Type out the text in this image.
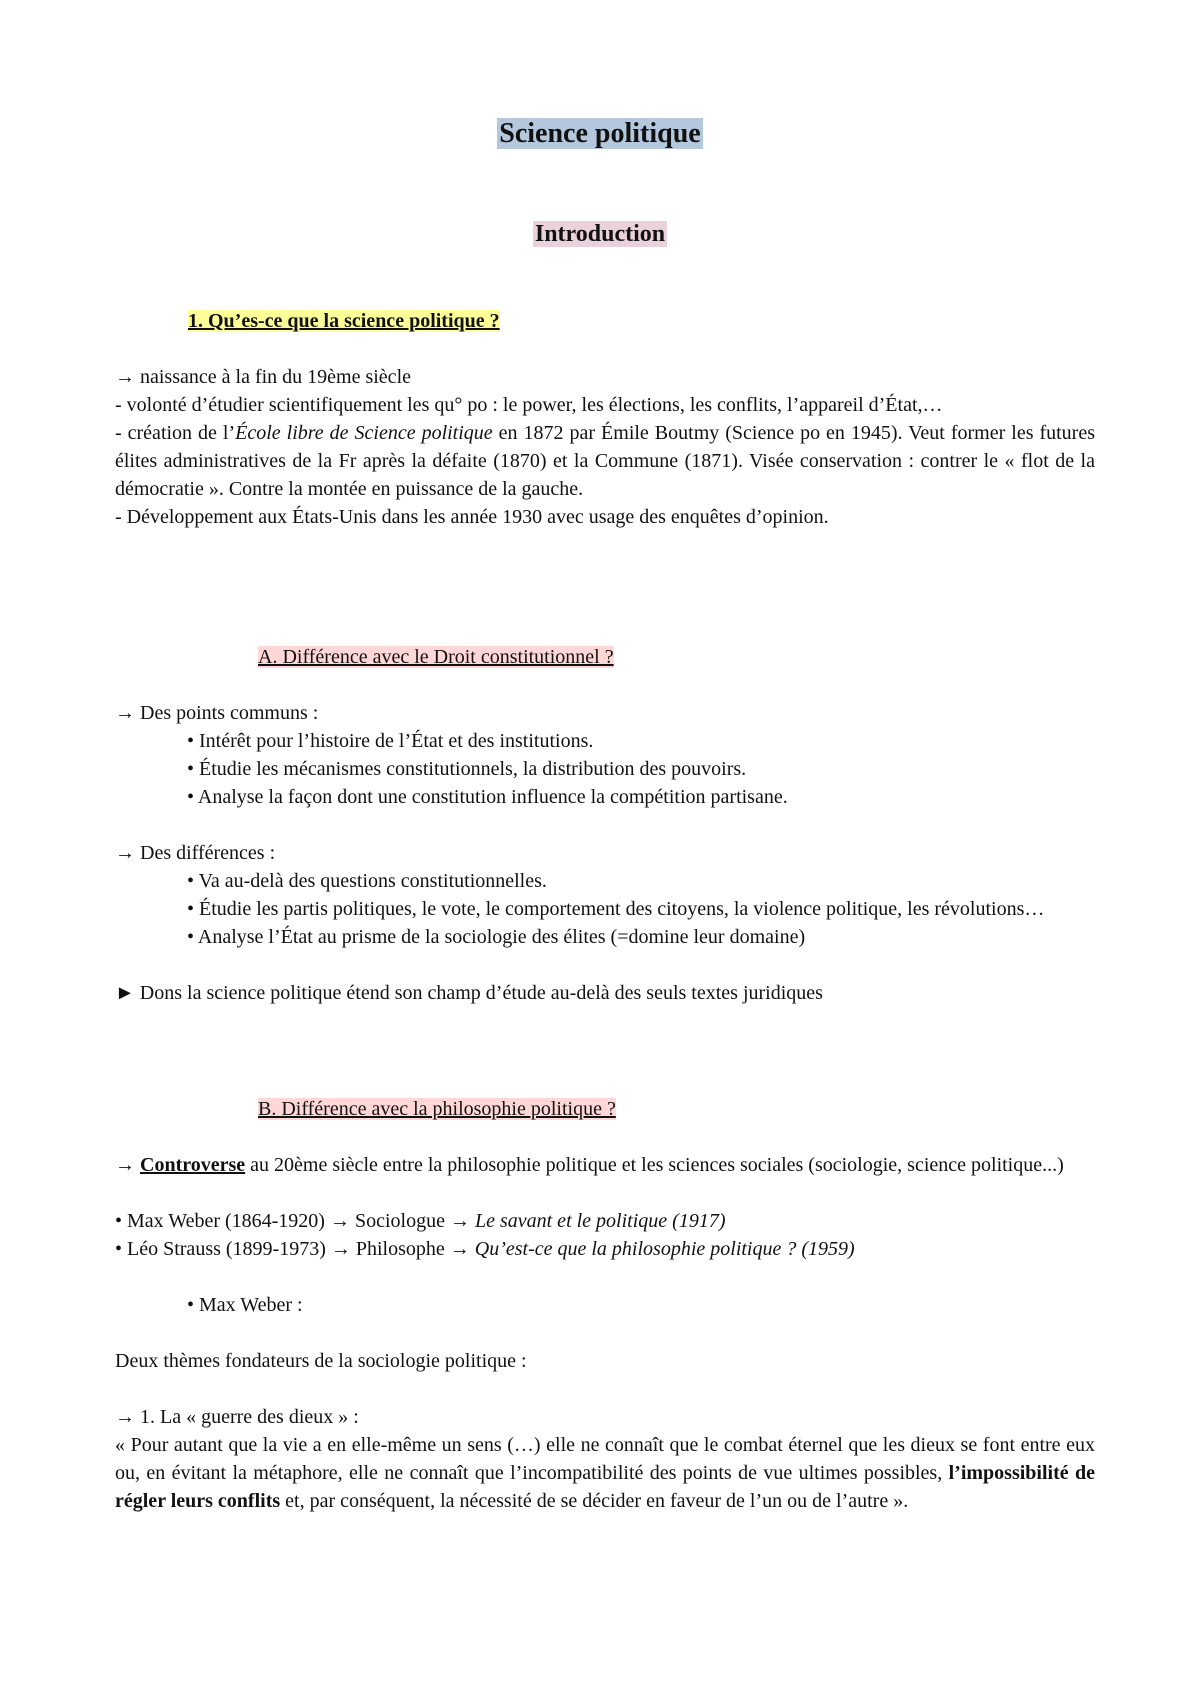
Science politique
Introduction
1. Qu’es-ce que la science politique ?

→ naissance à la fin du 19ème siècle

- volonté d’étudier scientifiquement les qu° po : le power, les élections, les conflits, l’appareil d’État,…

- création de l’École libre de Science politique en 1872 par Émile Boutmy (Science po en 1945). Veut former les futures élites administratives de la Fr après la défaite (1870) et la Commune (1871). Visée conservation : contrer le « flot de la démocratie ». Contre la montée en puissance de la gauche.

- Développement aux États-Unis dans les année 1930 avec usage des enquêtes d’opinion.

A. Différence avec le Droit constitutionnel ?

→ Des points communs :

• Intérêt pour l’histoire de l’État et des institutions.

• Étudie les mécanismes constitutionnels, la distribution des pouvoirs.

• Analyse la façon dont une constitution influence la compétition partisane.

→ Des différences :

• Va au-delà des questions constitutionnelles.

• Étudie les partis politiques, le vote, le comportement des citoyens, la violence politique, les révolutions…

• Analyse l’État au prisme de la sociologie des élites (=domine leur domaine)

► Dons la science politique étend son champ d’étude au-delà des seuls textes juridiques

B. Différence avec la philosophie politique ?

→ Controverse au 20ème siècle entre la philosophie politique et les sciences sociales (sociologie, science politique...)

• Max Weber (1864-1920) → Sociologue → Le savant et le politique (1917)

• Léo Strauss (1899-1973) → Philosophe → Qu’est-ce que la philosophie politique ? (1959)

• Max Weber :

Deux thèmes fondateurs de la sociologie politique :

→ 1. La « guerre des dieux » :

« Pour autant que la vie a en elle-même un sens (…) elle ne connaît que le combat éternel que les dieux se font entre eux ou, en évitant la métaphore, elle ne connaît que l’incompatibilité des points de vue ultimes possibles, l’impossibilité de régler leurs conflits et, par conséquent, la nécessité de se décider en faveur de l’un ou de l’autre ».
